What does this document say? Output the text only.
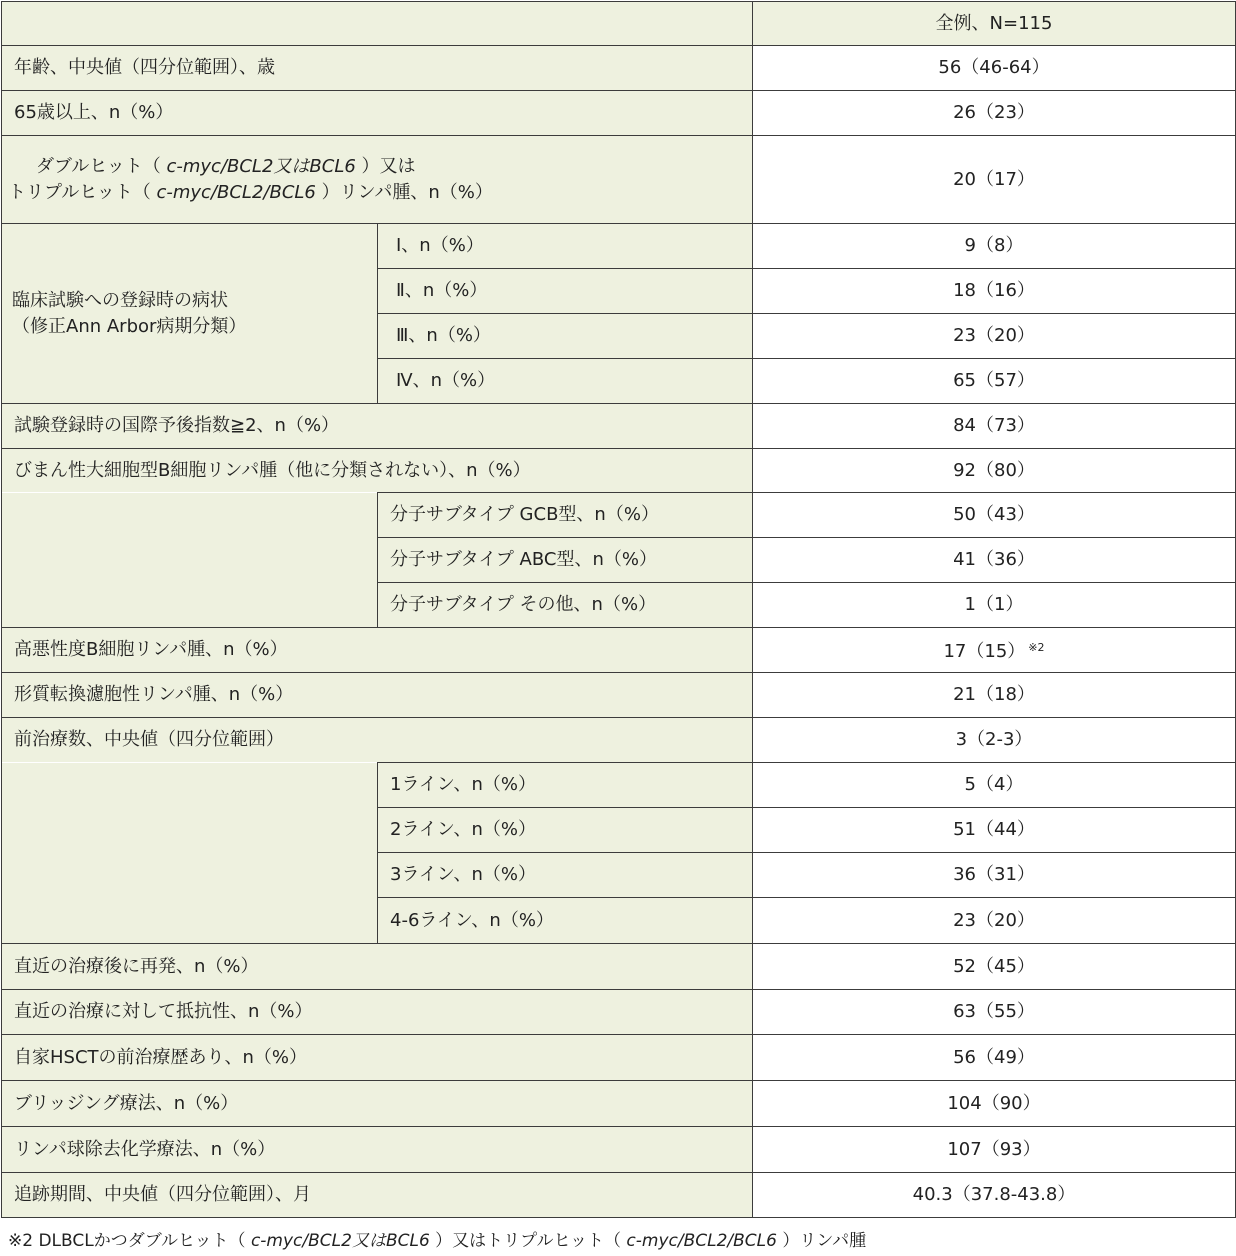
		全例、N=115
年齢、中央値（四分位範囲）、歳		56（46-64）
65歳以上、n（%）		26（23）

ダブルヒット（ c-myc/BCL2又はBCL6 ）又は
トリプルヒット（ c-myc/BCL2/BCL6 ）リンパ腫、n（%）		20（17）

臨床試験への登録時の病状
（修正Ann Arbor病期分類）	Ⅰ、n（%）	9（8）
	Ⅱ、n（%）	18（16）
	Ⅲ、n（%）	23（20）
	Ⅳ、n（%）	65（57）
試験登録時の国際予後指数≧2、n（%）		84（73）
びまん性大細胞型B細胞リンパ腫（他に分類されない）、n（%）		92（80）
	分子サブタイプ GCB型、n（%）	50（43）
	分子サブタイプ ABC型、n（%）	41（36）
	分子サブタイプ その他、n（%）	1（1）
高悪性度B細胞リンパ腫、n（%）		17（15） $^{※2}$
形質転換濾胞性リンパ腫、n（%）		21（18）
前治療数、中央値（四分位範囲）		3（2-3）
	1ライン、n（%）	5（4）
	2ライン、n（%）	51（44）
	3ライン、n（%）	36（31）
	4-6ライン、n（%）	23（20）
直近の治療後に再発、n（%）		52（45）
直近の治療に対して抵抗性、n（%）		63（55）
自家HSCTの前治療歴あり、n（%）		56（49）
ブリッジング療法、n（%）		104（90）
リンパ球除去化学療法、n（%）		107（93）
追跡期間、中央値（四分位範囲）、月		40.3（37.8-43.8）
※2 DLBCLかつダブルヒット（ c-myc/BCL2又はBCL6 ）又はトリプルヒット（ c-myc/BCL2/BCL6 ）リンパ腫
